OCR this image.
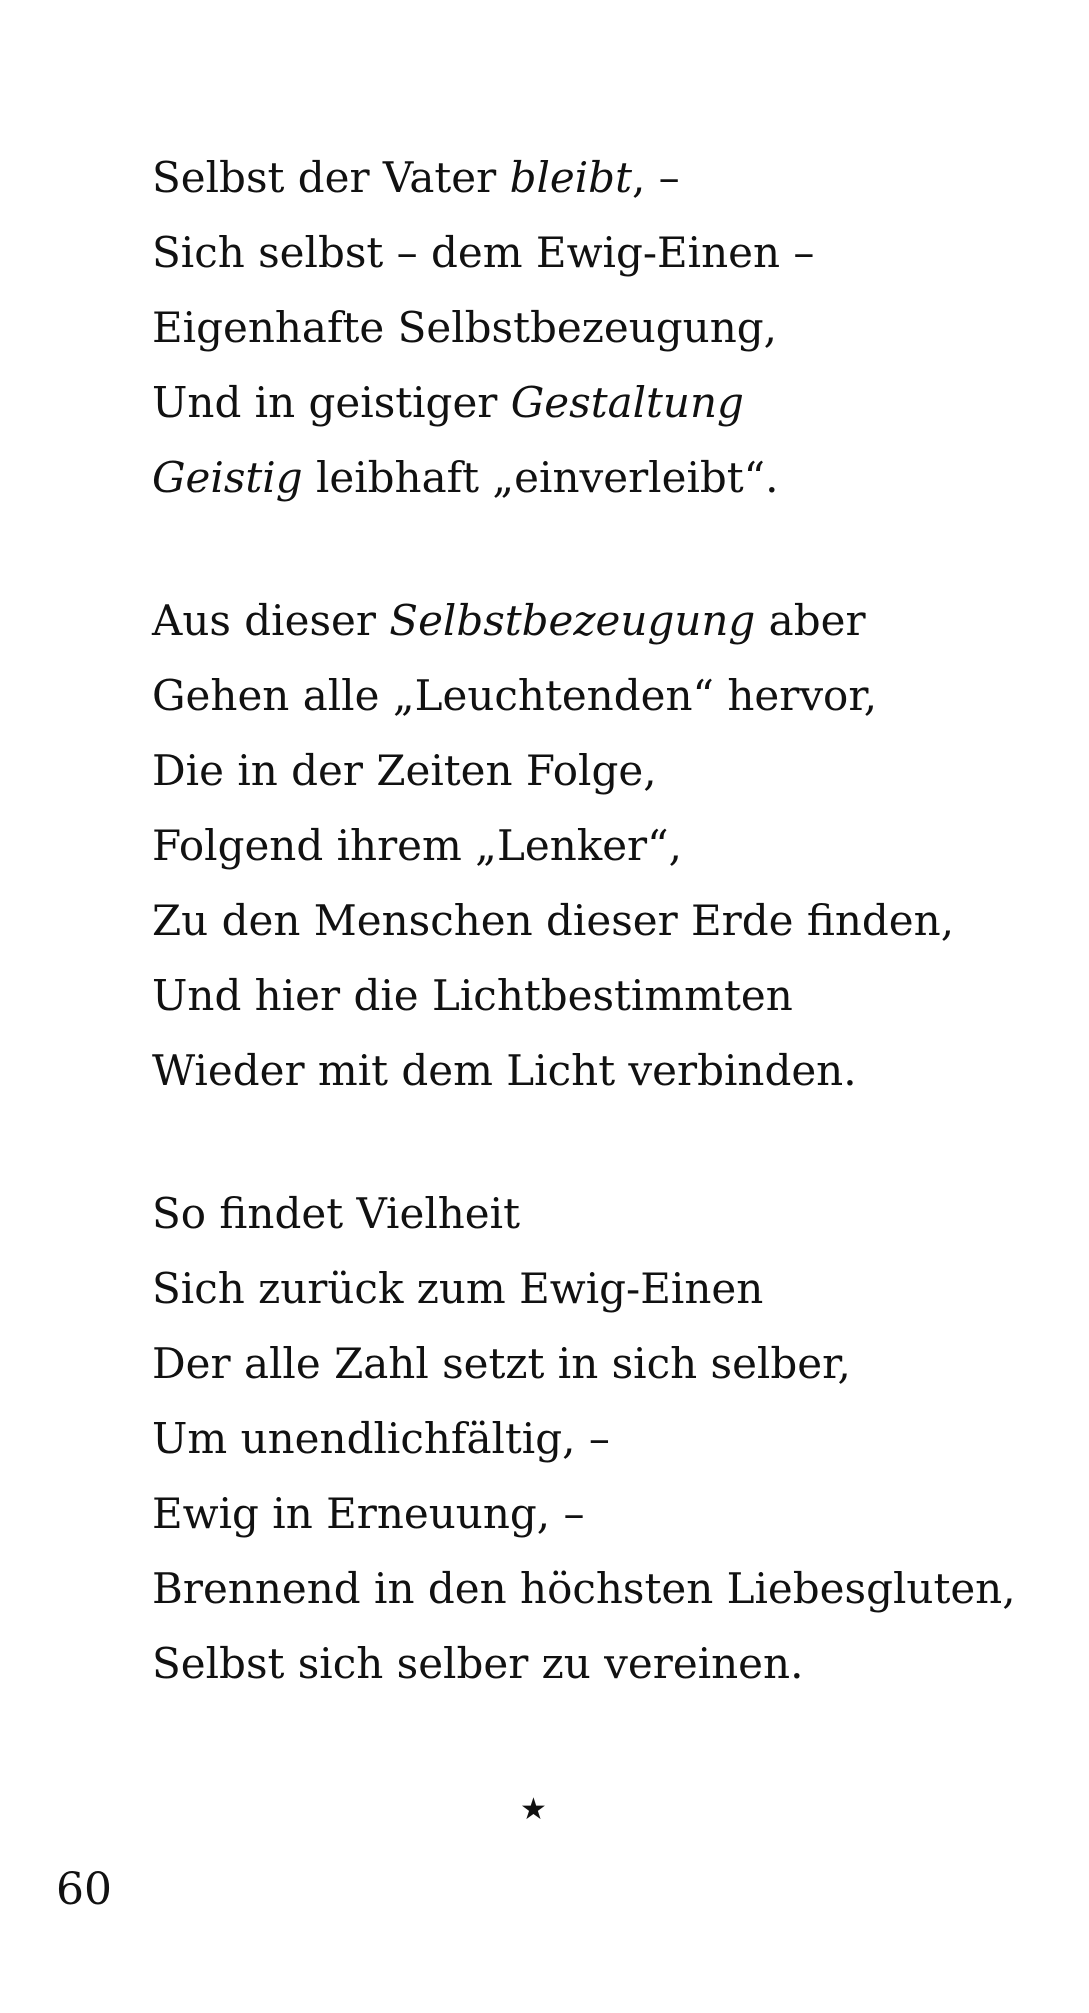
Selbst der Vater bleibt, –
Sich selbst – dem Ewig-Einen –
Eigenhafte Selbstbezeugung,
Und in geistiger Gestaltung
Geistig leibhaft „einverleibt“.
Aus dieser Selbstbezeugung aber
Gehen alle „Leuchtenden“ hervor,
Die in der Zeiten Folge,
Folgend ihrem „Lenker“,
Zu den Menschen dieser Erde finden,
Und hier die Lichtbestimmten
Wieder mit dem Licht verbinden.
So findet Vielheit
Sich zurück zum Ewig-Einen
Der alle Zahl setzt in sich selber,
Um unendlichfältig, –
Ewig in Erneuung, –
Brennend in den höchsten Liebesgluten,
Selbst sich selber zu vereinen.
★
60
